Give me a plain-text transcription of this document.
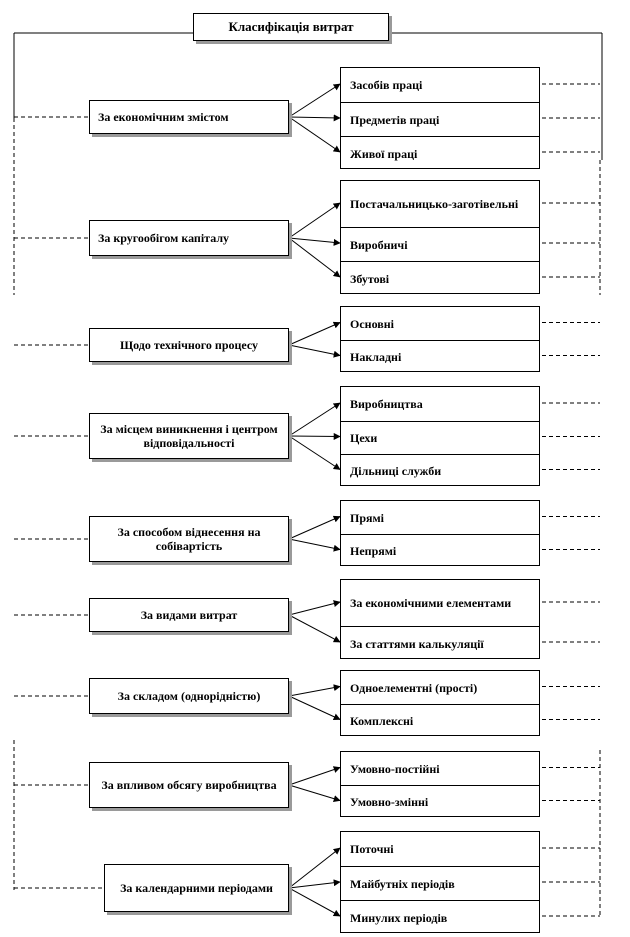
Класифікація витрат
За економічним змістом
Засобів праці
Предметів праці
Живої праці
За кругообігом капіталу
Постачальницько-заготівельні
Виробничі
Збутові
Щодо технічного процесу
Основні
Накладні
За місцем виникнення і центром відповідальності
Виробництва
Цехи
Дільниці служби
За способом віднесення на собівартість
Прямі
Непрямі
За видами витрат
За економічними елементами
За статтями калькуляції
За складом (однорідністю)
Одноелементні (прості)
Комплексні
За впливом обсягу виробництва
Умовно-постійні
Умовно-змінні
За календарними періодами
Поточні
Майбутніх періодів
Минулих періодів
